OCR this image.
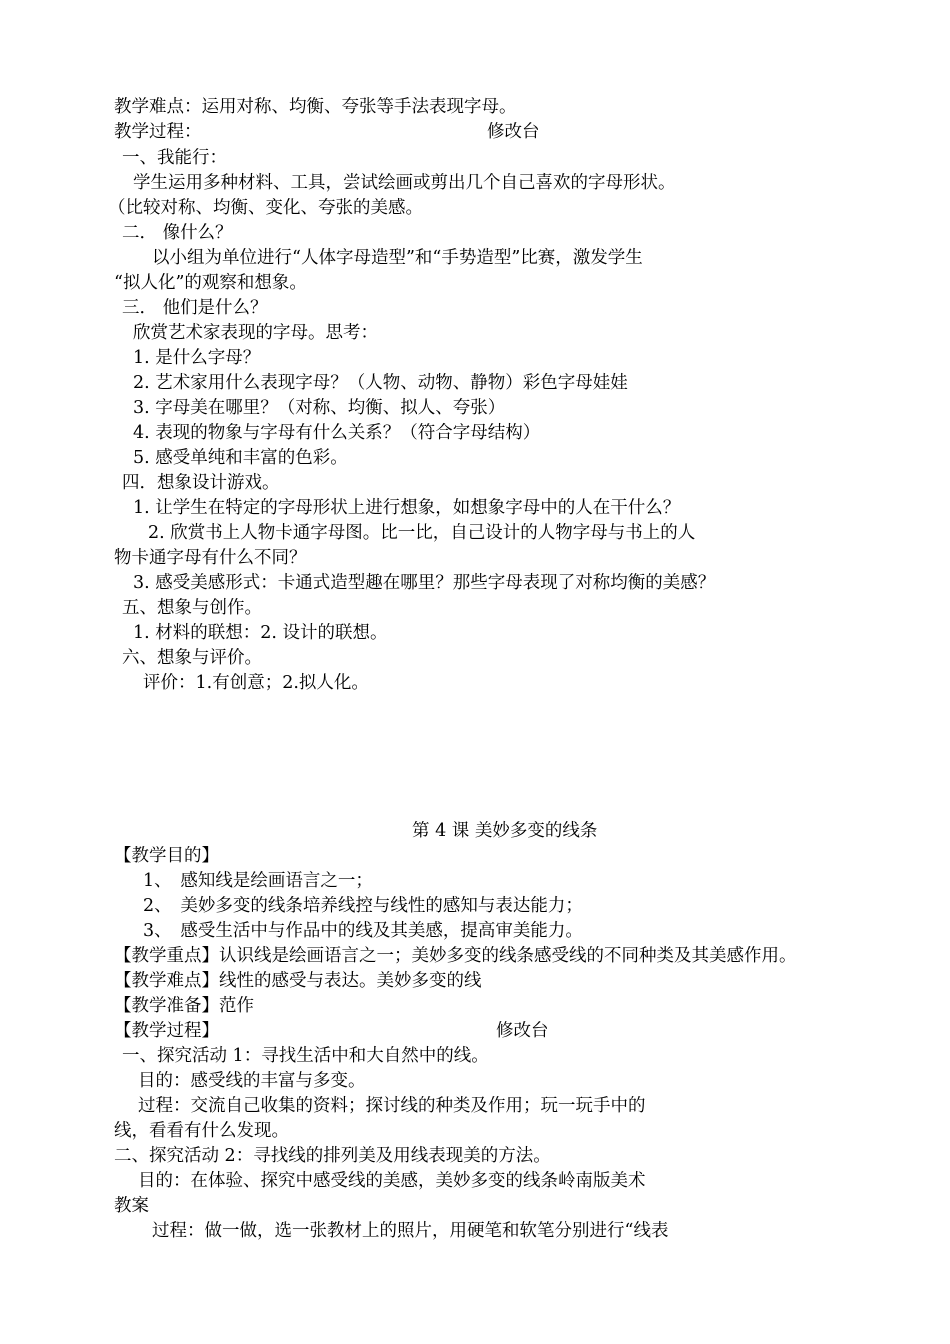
教学难点：运用对称、均衡、夸张等手法表现字母。
教学过程：	修改台
一、我能行：
学生运用多种材料、工具，尝试绘画或剪出几个自己喜欢的字母形状。
（比较对称、均衡、变化、夸张的美感。
二． 像什么？
以小组为单位进行“人体字母造型”和“手势造型”比赛，激发学生
“拟人化”的观察和想象。
三． 他们是什么？
欣赏艺术家表现的字母。思考：
1. 是什么字母？
2. 艺术家用什么表现字母？（人物、动物、静物）彩色字母娃娃
3. 字母美在哪里？（对称、均衡、拟人、夸张）
4. 表现的物象与字母有什么关系？（符合字母结构）
5. 感受单纯和丰富的色彩。
四．想象设计游戏。
1. 让学生在特定的字母形状上进行想象，如想象字母中的人在干什么？
2. 欣赏书上人物卡通字母图。比一比，自己设计的人物字母与书上的人
物卡通字母有什么不同？
3. 感受美感形式：卡通式造型趣在哪里？那些字母表现了对称均衡的美感？
五、想象与创作。
1. 材料的联想：2. 设计的联想。
六、想象与评价。
评价：1.有创意；2.拟人化。
第 4 课 美妙多变的线条
【教学目的】
1、　感知线是绘画语言之一；
2、　美妙多变的线条培养线控与线性的感知与表达能力；
3、　感受生活中与作品中的线及其美感，提高审美能力。
【教学重点】认识线是绘画语言之一；美妙多变的线条感受线的不同种类及其美感作用。
【教学难点】线性的感受与表达。美妙多变的线
【教学准备】范作
【教学过程】	修改台
一、探究活动 1：寻找生活中和大自然中的线。
目的：感受线的丰富与多变。
过程：交流自己收集的资料；探讨线的种类及作用；玩一玩手中的
线，看看有什么发现。
二、探究活动 2：寻找线的排列美及用线表现美的方法。
目的：在体验、探究中感受线的美感，美妙多变的线条岭南版美术
教案
过程：做一做，选一张教材上的照片，用硬笔和软笔分别进行“线表
